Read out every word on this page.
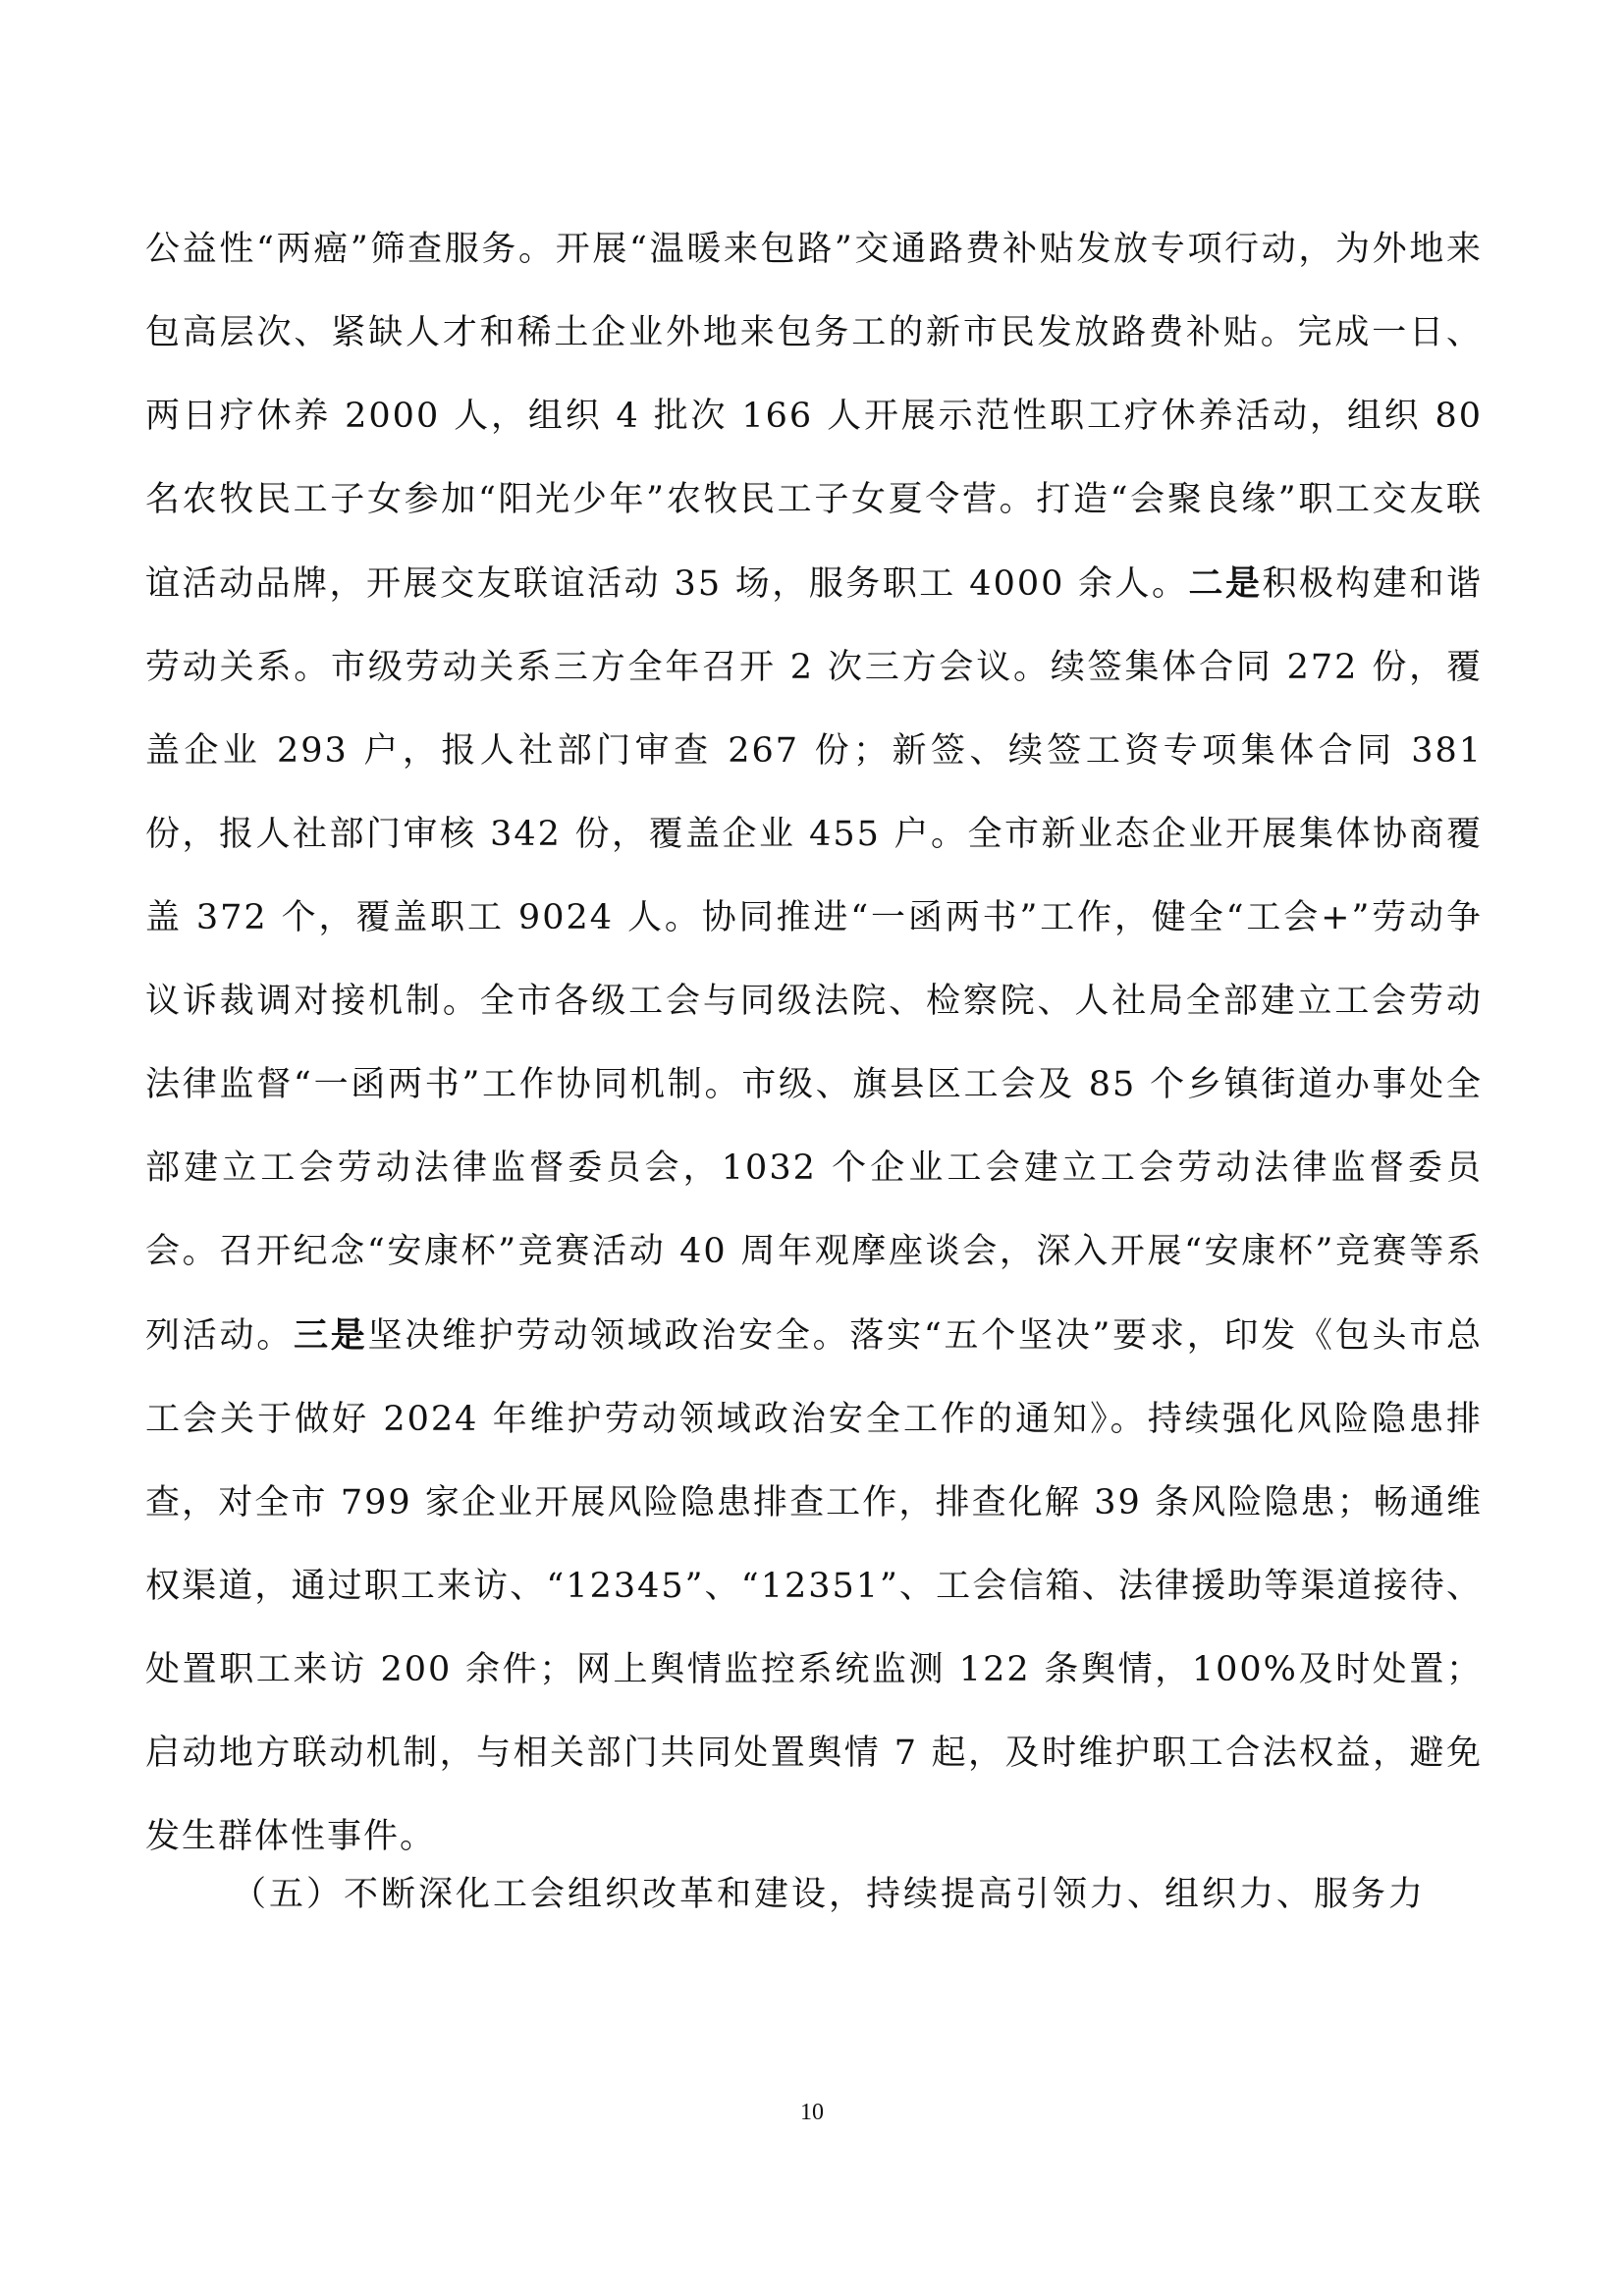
公益性“两癌”筛查服务。开展“温暖来包路”交通路费补贴发放专项行动，为外地来包高层次、紧缺人才和稀土企业外地来包务工的新市民发放路费补贴。完成一日、两日疗休养 2000 人，组织 4 批次 166 人开展示范性职工疗休养活动，组织 80 名农牧民工子女参加“阳光少年”农牧民工子女夏令营。打造“会聚良缘”职工交友联谊活动品牌，开展交友联谊活动 35 场，服务职工 4000 余人。二是积极构建和谐劳动关系。市级劳动关系三方全年召开 2 次三方会议。续签集体合同 272 份，覆盖企业 293 户，报人社部门审查 267 份；新签、续签工资专项集体合同 381 份，报人社部门审核 342 份，覆盖企业 455 户。全市新业态企业开展集体协商覆盖 372 个，覆盖职工 9024 人。协同推进“一函两书”工作，健全“工会+”劳动争议诉裁调对接机制。全市各级工会与同级法院、检察院、人社局全部建立工会劳动法律监督“一函两书”工作协同机制。市级、旗县区工会及 85 个乡镇街道办事处全部建立工会劳动法律监督委员会，1032 个企业工会建立工会劳动法律监督委员会。召开纪念“安康杯”竞赛活动 40 周年观摩座谈会，深入开展“安康杯”竞赛等系列活动。三是坚决维护劳动领域政治安全。落实“五个坚决”要求，印发《包头市总工会关于做好 2024 年维护劳动领域政治安全工作的通知》。持续强化风险隐患排查，对全市 799 家企业开展风险隐患排查工作，排查化解 39 条风险隐患；畅通维权渠道，通过职工来访、“12345”、“12351”、工会信箱、法律援助等渠道接待、处置职工来访 200 余件；网上舆情监控系统监测 122 条舆情，100%及时处置；启动地方联动机制，与相关部门共同处置舆情 7 起，及时维护职工合法权益，避免发生群体性事件。

（五）不断深化工会组织改革和建设，持续提高引领力、组织力、服务力
10
